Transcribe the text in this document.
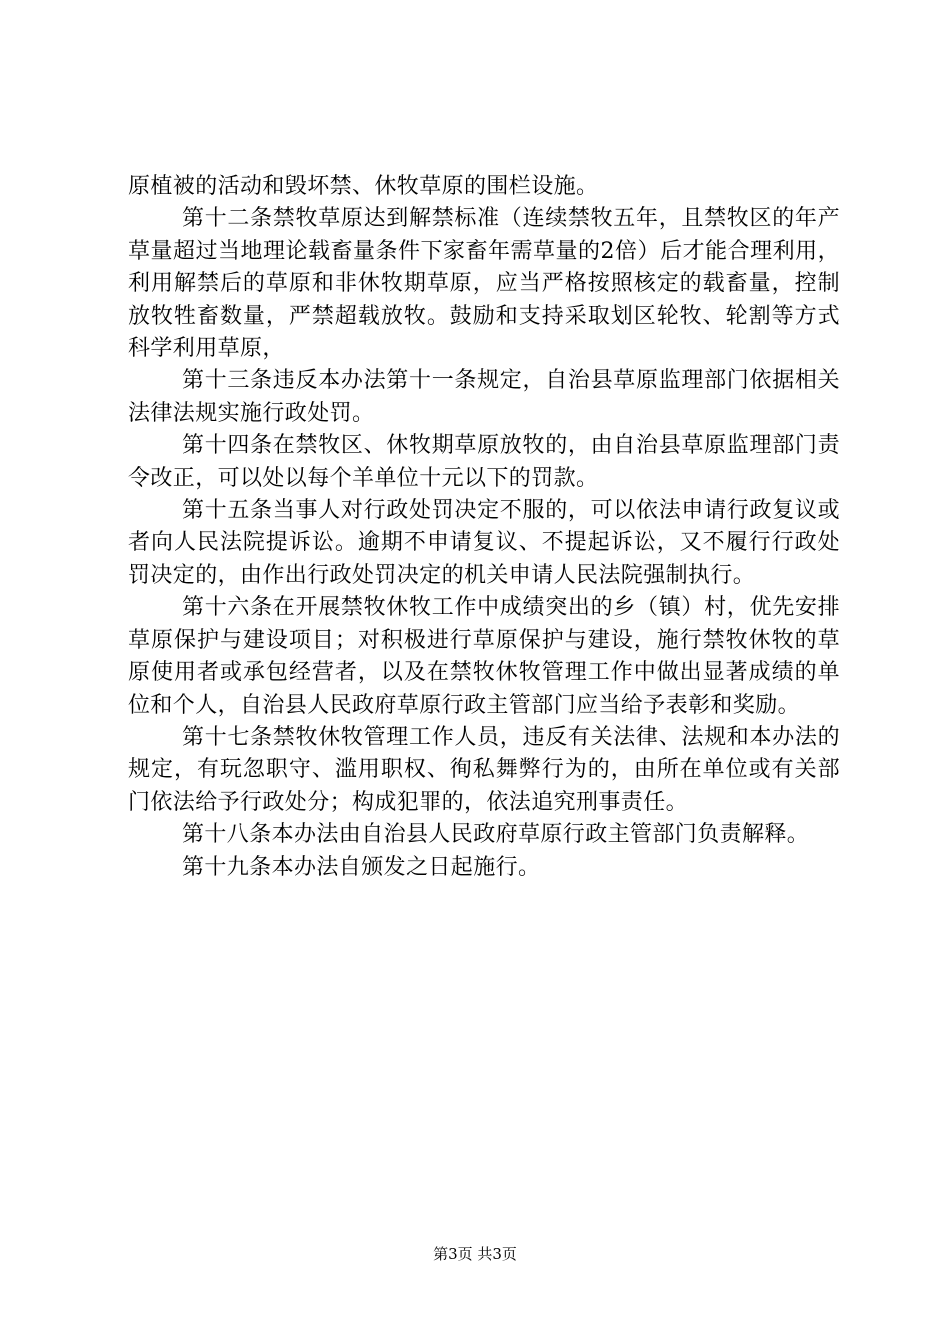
原植被的活动和毁坏禁、休牧草原的围栏设施。

第十二条禁牧草原达到解禁标准（连续禁牧五年，且禁牧区的年产草量超过当地理论载畜量条件下家畜年需草量的2倍）后才能合理利用，利用解禁后的草原和非休牧期草原，应当严格按照核定的载畜量，控制放牧牲畜数量，严禁超载放牧。鼓励和支持采取划区轮牧、轮割等方式科学利用草原，

第十三条违反本办法第十一条规定，自治县草原监理部门依据相关法律法规实施行政处罚。

第十四条在禁牧区、休牧期草原放牧的，由自治县草原监理部门责令改正，可以处以每个羊单位十元以下的罚款。

第十五条当事人对行政处罚决定不服的，可以依法申请行政复议或者向人民法院提诉讼。逾期不申请复议、不提起诉讼，又不履行行政处罚决定的，由作出行政处罚决定的机关申请人民法院强制执行。

第十六条在开展禁牧休牧工作中成绩突出的乡（镇）村，优先安排草原保护与建设项目；对积极进行草原保护与建设，施行禁牧休牧的草原使用者或承包经营者，以及在禁牧休牧管理工作中做出显著成绩的单位和个人，自治县人民政府草原行政主管部门应当给予表彰和奖励。

第十七条禁牧休牧管理工作人员，违反有关法律、法规和本办法的规定，有玩忽职守、滥用职权、徇私舞弊行为的，由所在单位或有关部门依法给予行政处分；构成犯罪的，依法追究刑事责任。

第十八条本办法由自治县人民政府草原行政主管部门负责解释。

第十九条本办法自颁发之日起施行。

第3页 共3页
